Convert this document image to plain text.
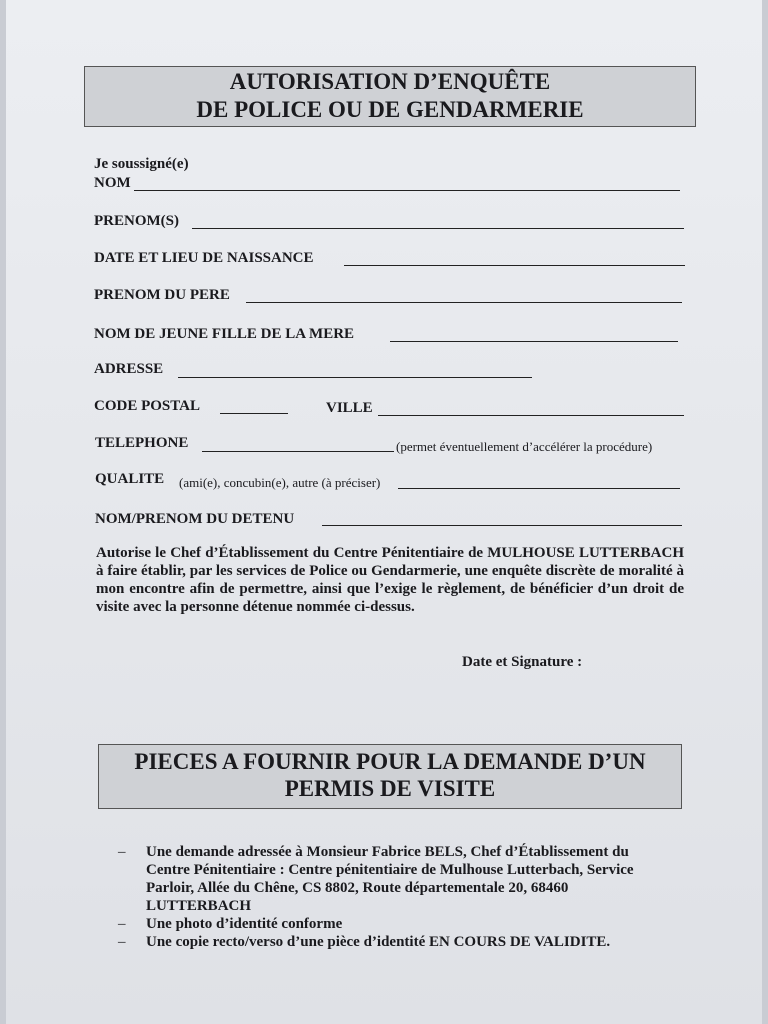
AUTORISATION D’ENQUÊTE
DE POLICE OU DE GENDARMERIE
Je soussigné(e)
NOM
PRENOM(S)
DATE ET LIEU DE NAISSANCE
PRENOM DU PERE
NOM DE JEUNE FILLE DE LA MERE
ADRESSE
CODE POSTAL	VILLE
TELEPHONE	(permet éventuellement d’accélérer la procédure)
QUALITE (ami(e), concubin(e), autre (à préciser)
NOM/PRENOM DU DETENU
Autorise le Chef d’Établissement du Centre Pénitentiaire de MULHOUSE LUTTERBACH à faire établir, par les services de Police ou Gendarmerie, une enquête discrète de moralité à mon encontre afin de permettre, ainsi que l’exige le règlement, de bénéficier d’un droit de visite avec la personne détenue nommée ci-dessus.
Date et Signature :
PIECES A FOURNIR POUR LA DEMANDE D’UN
PERMIS DE VISITE
– Une demande adressée à Monsieur Fabrice BELS, Chef d’Établissement du Centre Pénitentiaire : Centre pénitentiaire de Mulhouse Lutterbach, Service Parloir, Allée du Chêne, CS 8802, Route départementale 20, 68460 LUTTERBACH
– Une photo d’identité conforme
– Une copie recto/verso d’une pièce d’identité EN COURS DE VALIDITE.
